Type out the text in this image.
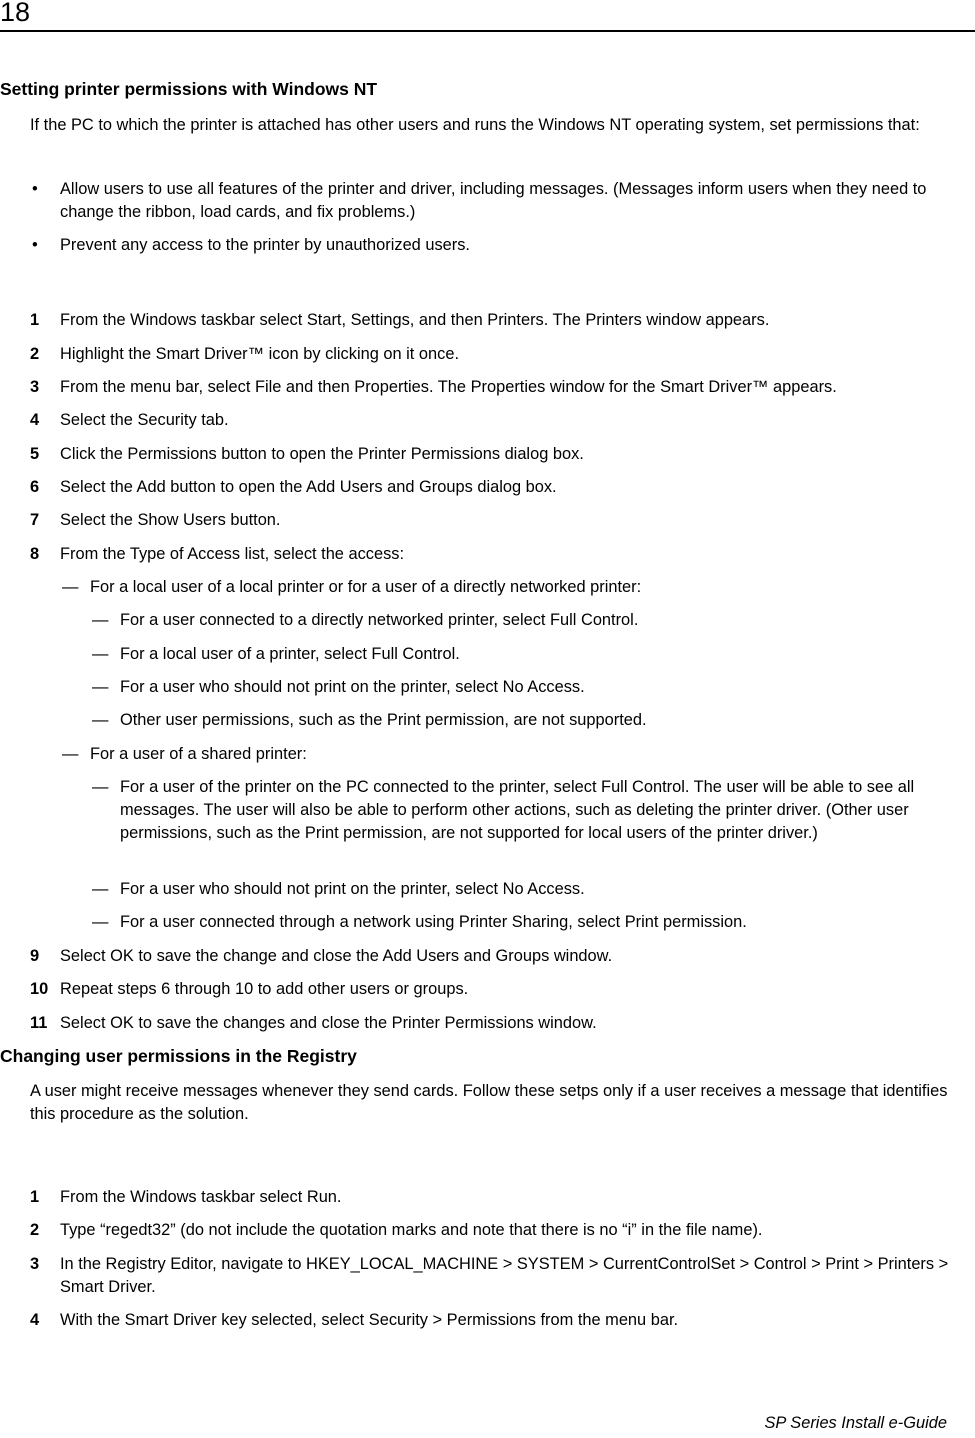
18
Setting printer permissions with Windows NT
If the PC to which the printer is attached has other users and runs the Windows NT operating system, set permissions that:
• Allow users to use all features of the printer and driver, including messages. (Messages inform users when they need to change the ribbon, load cards, and fix problems.)
• Prevent any access to the printer by unauthorized users.
1 From the Windows taskbar select Start, Settings, and then Printers. The Printers window appears.
2 Highlight the Smart Driver™ icon by clicking on it once.
3 From the menu bar, select File and then Properties. The Properties window for the Smart Driver™ appears.
4 Select the Security tab.
5 Click the Permissions button to open the Printer Permissions dialog box.
6 Select the Add button to open the Add Users and Groups dialog box.
7 Select the Show Users button.
8 From the Type of Access list, select the access:
— For a local user of a local printer or for a user of a directly networked printer:
— For a user connected to a directly networked printer, select Full Control.
— For a local user of a printer, select Full Control.
— For a user who should not print on the printer, select No Access.
— Other user permissions, such as the Print permission, are not supported.
— For a user of a shared printer:
— For a user of the printer on the PC connected to the printer, select Full Control. The user will be able to see all messages. The user will also be able to perform other actions, such as deleting the printer driver. (Other user permissions, such as the Print permission, are not supported for local users of the printer driver.)
— For a user who should not print on the printer, select No Access.
— For a user connected through a network using Printer Sharing, select Print permission.
9 Select OK to save the change and close the Add Users and Groups window.
10 Repeat steps 6 through 10 to add other users or groups.
11 Select OK to save the changes and close the Printer Permissions window.
Changing user permissions in the Registry
A user might receive messages whenever they send cards. Follow these setps only if a user receives a message that identifies this procedure as the solution.
1 From the Windows taskbar select Run.
2 Type “regedt32” (do not include the quotation marks and note that there is no “i” in the file name).
3 In the Registry Editor, navigate to HKEY_LOCAL_MACHINE > SYSTEM > CurrentControlSet > Control > Print > Printers > Smart Driver.
4 With the Smart Driver key selected, select Security > Permissions from the menu bar.
SP Series Install e-Guide
